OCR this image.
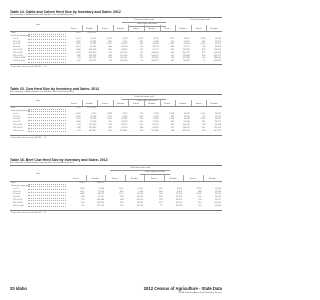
Table 14. Cattle and Calves Herd Size by Inventory and Sales: 2012
[For meaning of abbreviations and symbols, see introductory text.]
Item
Cattle and calves sold
Other cattle and calves
Cattle and calves sold
Farms	Number	Farms	Number	Farms	Number	Farms	Number	Farms	Number
Total	9,097	2,329,591
Farms by inventory of
1 to 9	2,177	10,118	1,653	5,233	1,069	4,133	1,471	14,612	1,248	16,108
10 to 19	1,206	17,094	880	7,010	667	5,908	911	14,301	805	12,601
20 to 49	1,629	52,281	1,201	20,413	985	18,244	1,287	41,508	1,102	37,419
50 to 99	1,071	74,509	846	35,108	710	28,913	884	62,017	790	55,806
100 to 199	1,066	149,208	861	68,344	712	55,127	930	128,455	826	114,932
200 to 499	1,075	336,910	915	145,702	751	118,406	968	281,776	872	256,193
500 to 999	480	330,124	396	141,509	317	106,221	437	273,600	398	249,157
1,000 to 2,499	278	406,752	226	165,011	174	118,302	252	311,438	230	286,005
2,500 or more	115	952,595	93	264,508	61	243,917	105	739,260	97	702,844
Farms with sales less than $1,000 ... 10
Table 15. Cow Herd Size by Inventory and Sales: 2012
[For meaning of abbreviations and symbols, see introductory text.]
Item
Cattle and calves sold
Other cattle and calves
Farms	Number	Farms	Number	Farms	Number	Farms	Number	Farms	Number
Total	7,512	1,073,260
Farms by inventory of
1 to 9	2,010	9,612	1,488	5,014	973	3,978	1,358	11,903	1,120	10,822
10 to 19	1,095	15,408	812	8,103	641	6,204	880	13,516	773	12,097
20 to 49	1,611	50,210	1,210	22,601	960	17,780	1,234	40,118	1,080	36,552
50 to 99	1,034	70,216	817	33,218	690	27,550	845	59,030	760	53,317
100 to 199	901	121,645	732	55,902	601	44,710	788	104,411	705	93,906
200 to 499	548	162,332	462	70,118	384	55,021	497	138,201	451	126,740
500 or more	313	643,837	260	210,447	198	161,306	288	485,102	265	447,311
Farms with sales less than $1,000 ... 15
Table 16. Beef Cow Herd Size by Inventory and Sales: 2012
[For meaning of abbreviations and symbols, see introductory text.]
Item
Cattle and calves sold
Other cattle and calves
Farms	Number	Farms	Number	Farms	Number	Farms	Number
Total	6,983	486,122
Farms by inventory of
1 to 9	1,982	9,408	1,471	4,917	962	3,901	1,336	11,644
10 to 19	1,071	15,103	801	7,944	630	6,102	866	13,280
20 to 49	1,566	48,902	1,177	21,990	941	17,406	1,207	39,215
50 to 99	963	65,117	766	30,842	648	25,803	792	55,219
100 to 199	793	106,338	648	48,910	533	39,622	700	92,817
200 to 499	454	134,009	389	58,304	320	45,901	419	116,218
500 or more	154	107,245	128	44,519	97	33,812	141	93,400
Farms with sales less than $1,000 ... 22
20 Idaho	2012 Census of Agriculture - State Data
USDA, National Agricultural Statistics Service
